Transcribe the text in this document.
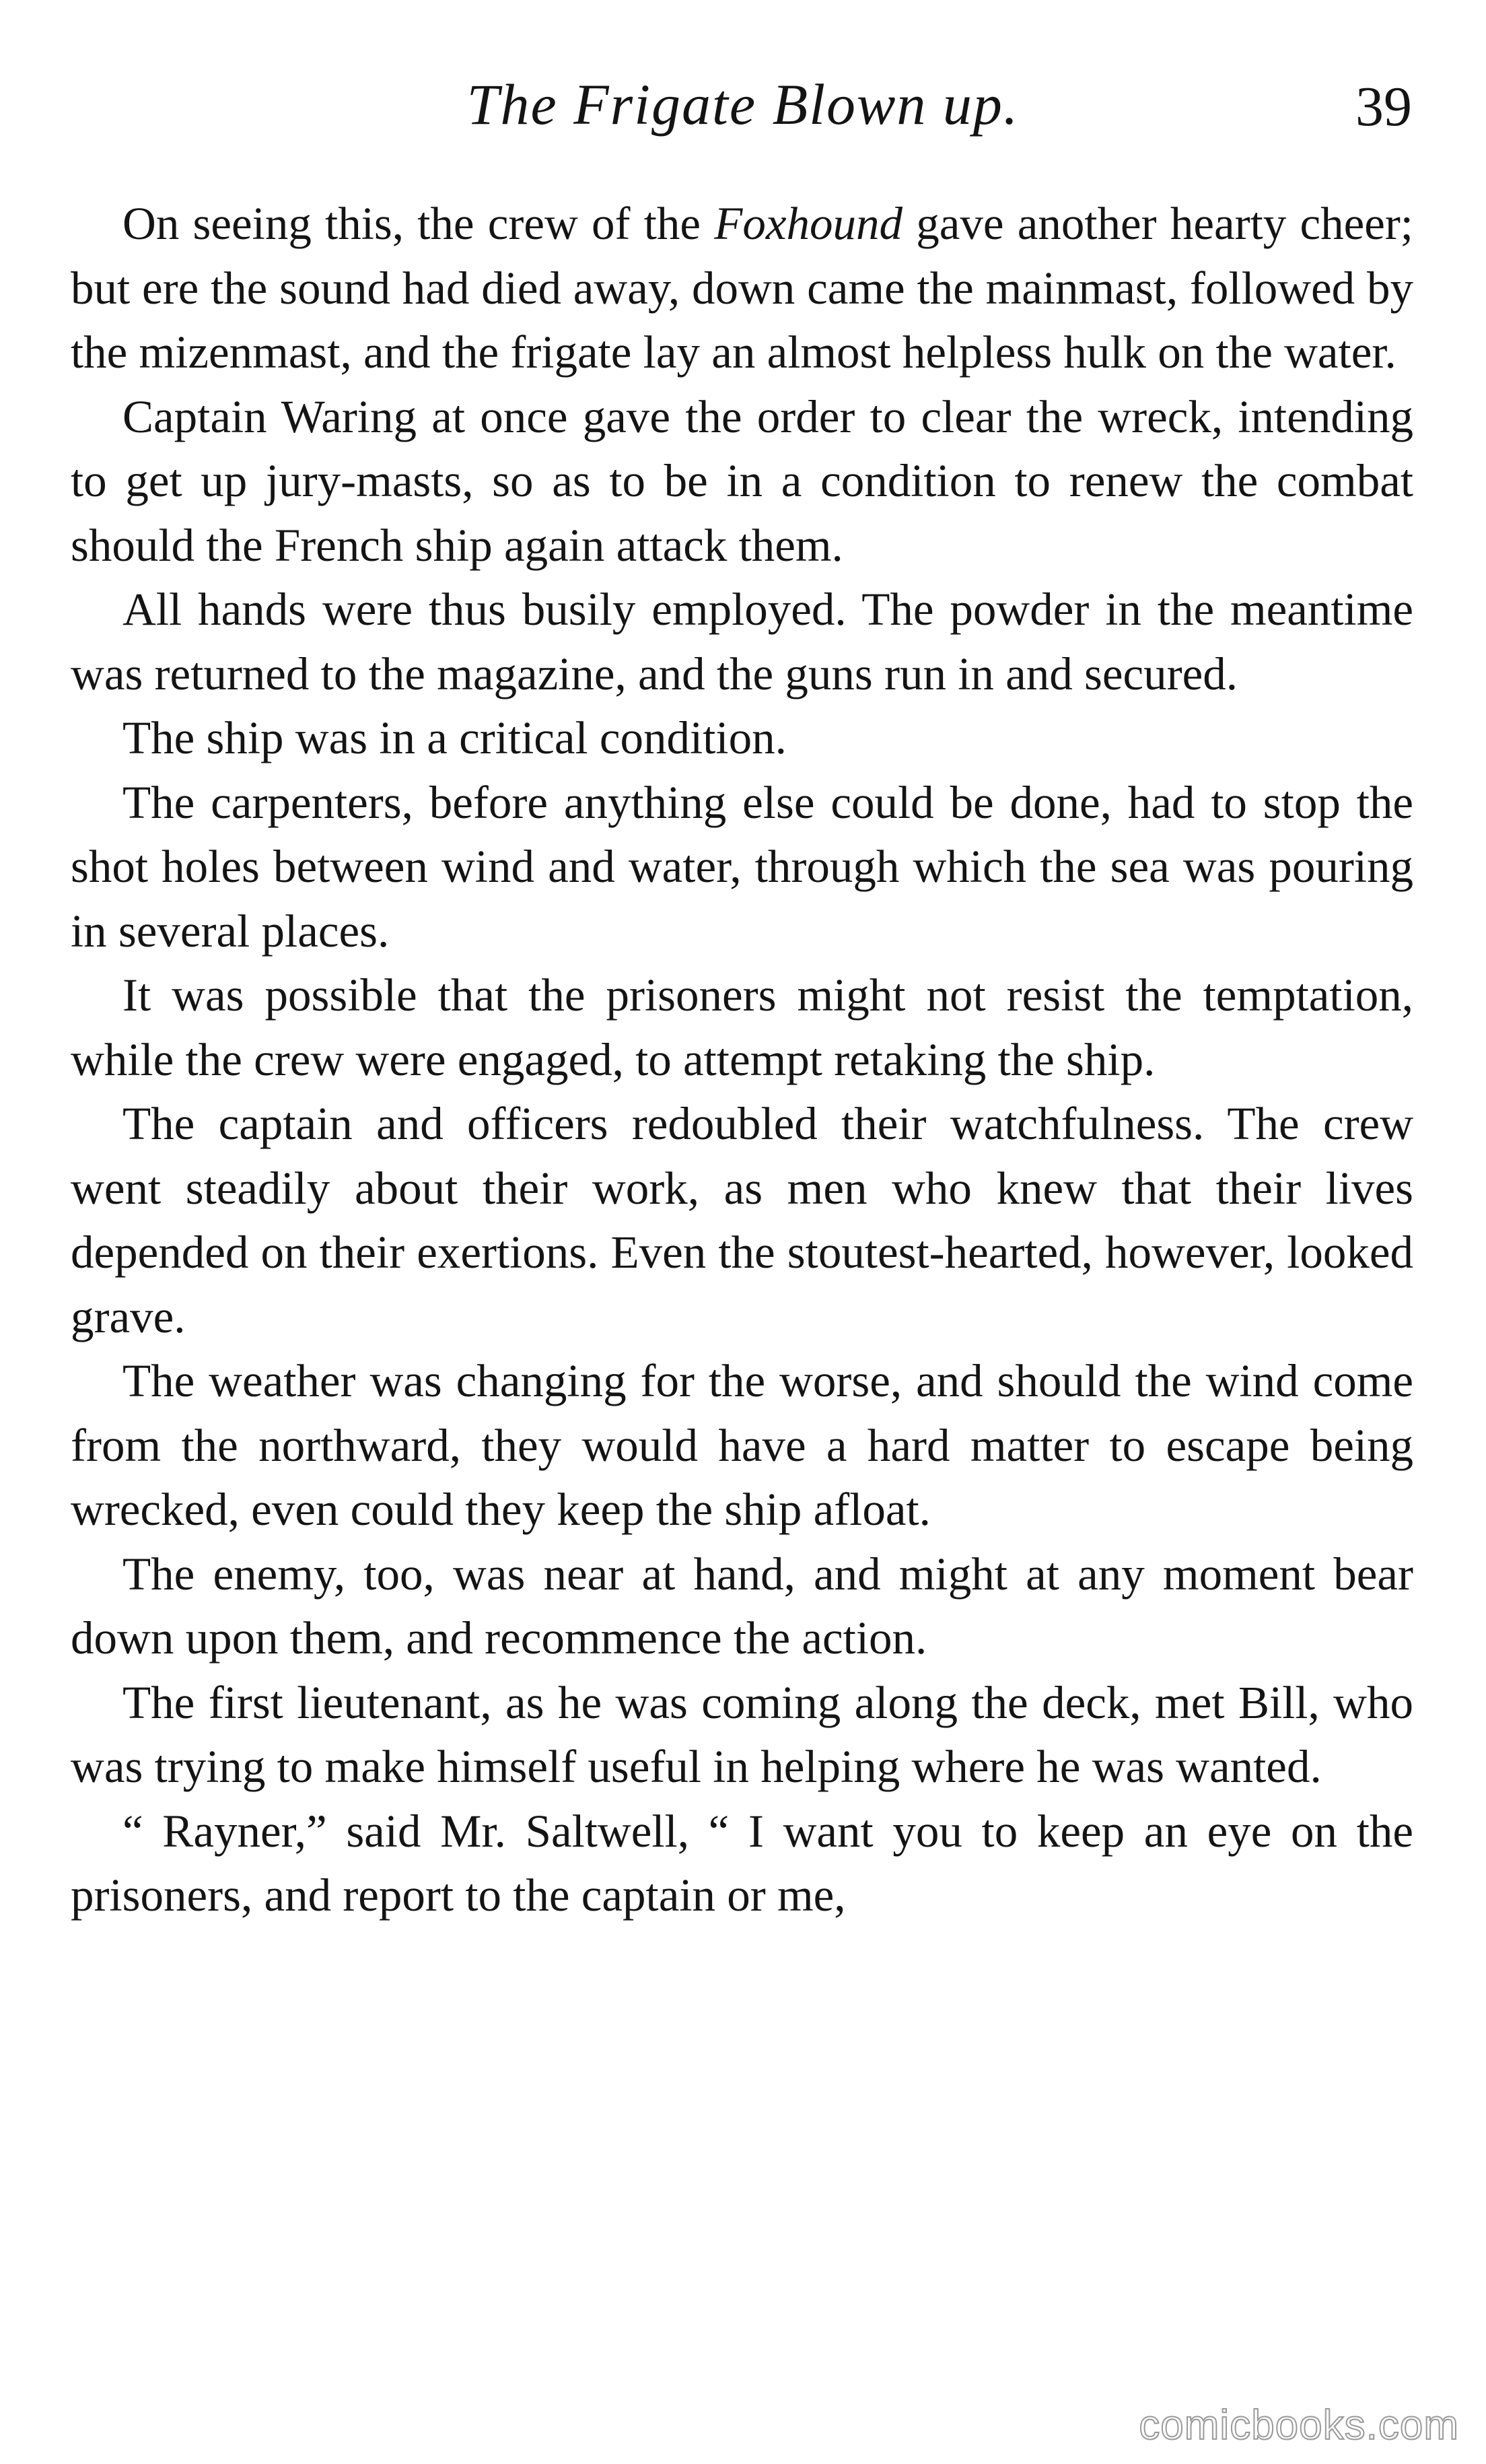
The Frigate Blown up.	39

On seeing this, the crew of the Foxhound gave another hearty cheer; but ere the sound had died away, down came the mainmast, followed by the mizenmast, and the frigate lay an almost helpless hulk on the water.

Captain Waring at once gave the order to clear the wreck, intending to get up jury-masts, so as to be in a condition to renew the combat should the French ship again attack them.

All hands were thus busily employed. The powder in the meantime was returned to the magazine, and the guns run in and secured.

The ship was in a critical condition.

The carpenters, before anything else could be done, had to stop the shot holes between wind and water, through which the sea was pouring in several places.

It was possible that the prisoners might not resist the temptation, while the crew were engaged, to attempt retaking the ship.

The captain and officers redoubled their watchfulness. The crew went steadily about their work, as men who knew that their lives depended on their exertions. Even the stoutest-hearted, however, looked grave.

The weather was changing for the worse, and should the wind come from the northward, they would have a hard matter to escape being wrecked, even could they keep the ship afloat.

The enemy, too, was near at hand, and might at any moment bear down upon them, and recommence the action.

The first lieutenant, as he was coming along the deck, met Bill, who was trying to make himself useful in helping where he was wanted.

“ Rayner,” said Mr. Saltwell, “ I want you to keep an eye on the prisoners, and report to the captain or me,

comicbooks.com
